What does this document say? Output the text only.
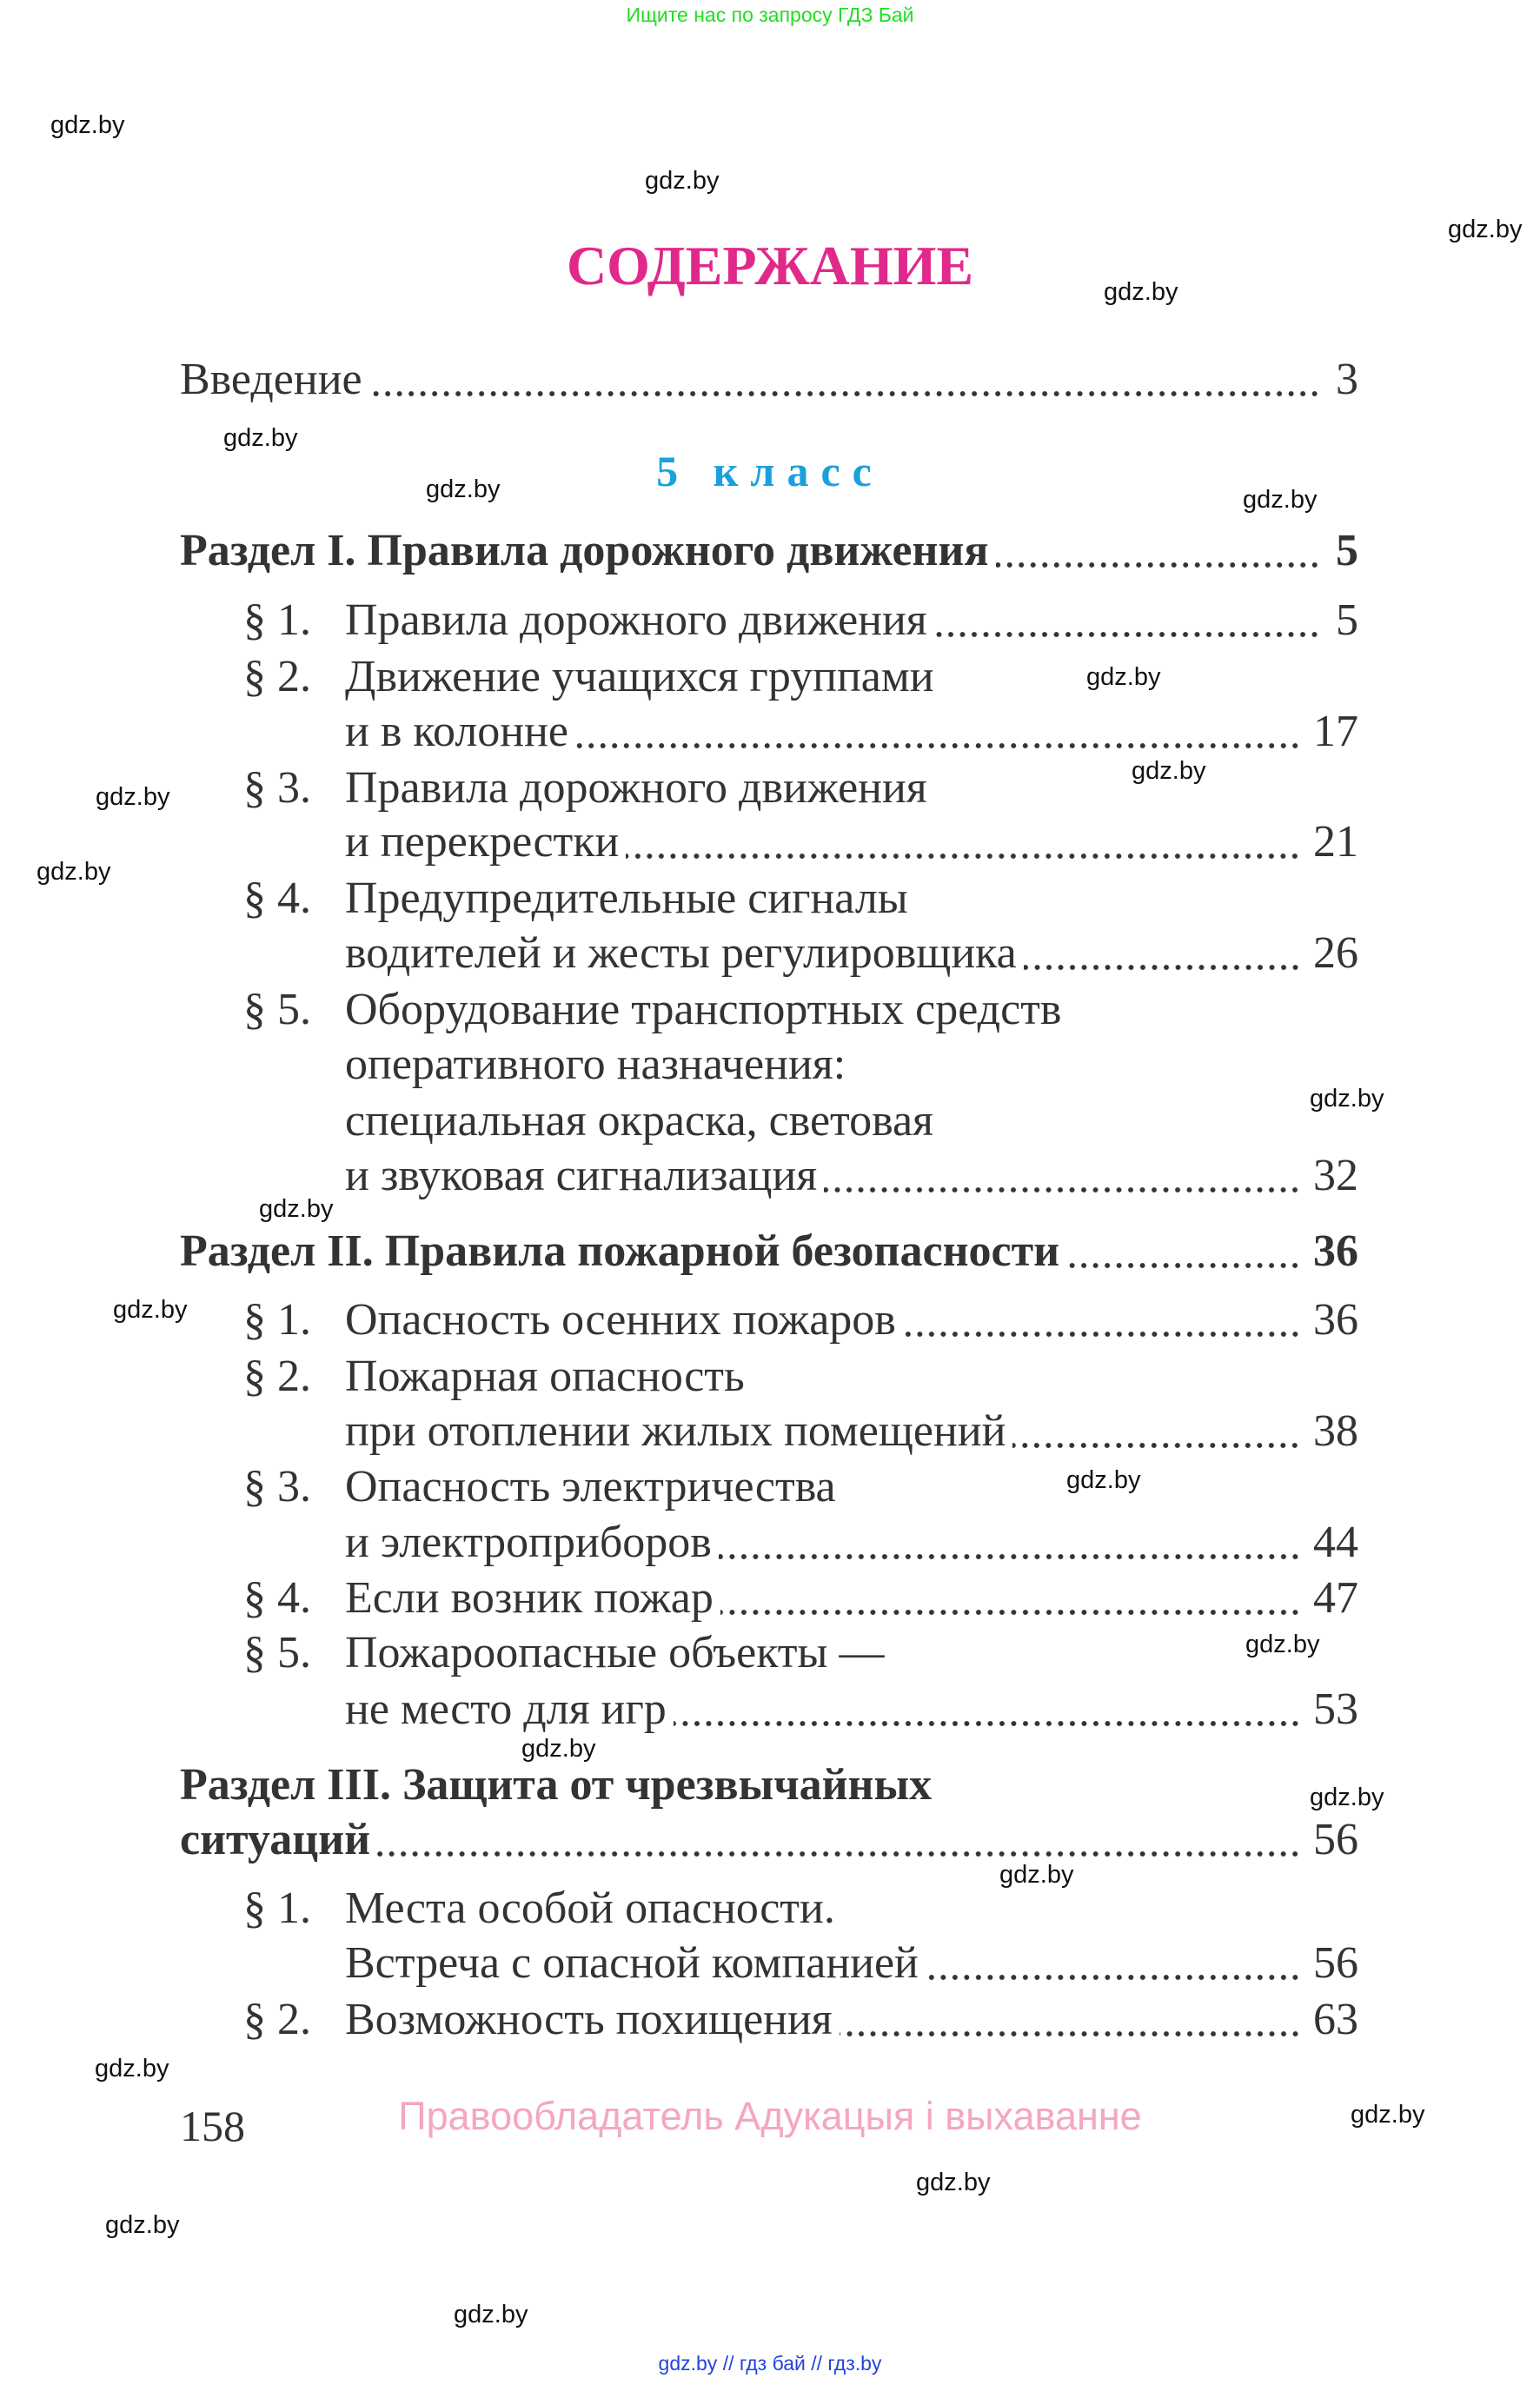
Ищите нас по запросу ГДЗ Бай
gdz.by
gdz.by
gdz.by
gdz.by
gdz.by
gdz.by	gdz.by
gdz.by
gdz.by
gdz.by
gdz.by
gdz.by
gdz.by
gdz.by
gdz.by
gdz.by
gdz.by
gdz.by
gdz.by
gdz.by
gdz.by
gdz.by
gdz.by
gdz.by
СОДЕРЖАНИЕ
Введение	3
5 класс
Раздел I. Правила дорожного движения	5
§ 1. Правила дорожного движения	5
§ 2. Движение учащихся группами
и в колонне	17
§ 3. Правила дорожного движения
и перекрестки	21
§ 4. Предупредительные сигналы
водителей и жесты регулировщика	26
§ 5. Оборудование транспортных средств
оперативного назначения:
специальная окраска, световая
и звуковая сигнализация	32
Раздел II. Правила пожарной безопасности	36
§ 1. Опасность осенних пожаров	36
§ 2. Пожарная опасность
при отоплении жилых помещений	38
§ 3. Опасность электричества
и электроприборов	44
§ 4. Если возник пожар	47
§ 5. Пожароопасные объекты —
не место для игр	53
Раздел III. Защита от чрезвычайных
ситуаций	56
§ 1. Места особой опасности.
Встреча с опасной компанией	56
§ 2. Возможность похищения	63
158	Правообладатель Адукацыя і выхаванне
gdz.by // гдз бай // гдз.by
